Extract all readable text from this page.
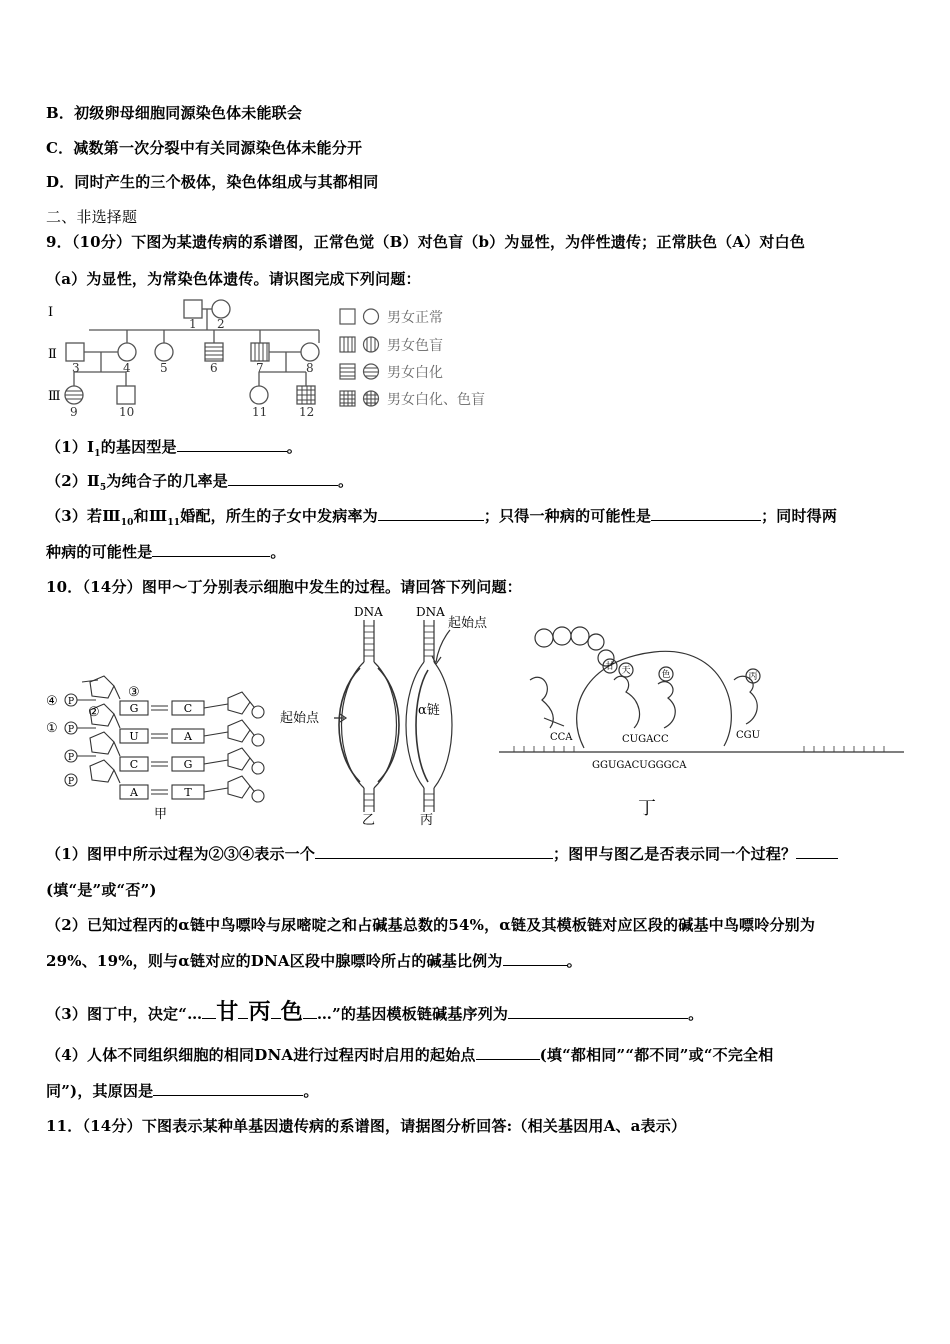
B．初级卵母细胞同源染色体未能联会
C．减数第一次分裂中有关同源染色体未能分开
D．同时产生的三个极体，染色体组成与其都相同
二、非选择题
9．（10分）下图为某遗传病的系谱图，正常色觉（B）对色盲（b）为显性，为伴性遗传；正常肤色（A）对白色
（a）为显性，为常染色体遗传。请识图完成下列问题：
Ⅰ
Ⅱ
Ⅲ
1 2
3	4 5	6	7	8
9	10	11	12
男女正常
男女色盲
男女白化
男女白化、色盲
$(1)Ⅰ_1$的基因型是	。
$(2)Ⅱ_5$为纯合子的几率是	。
（3）若$Ⅲ_{10}$和$Ⅲ_{11}$婚配，所生的子女中发病率为	；只得一种病的可能性是	；同时得两
种病的可能性是	。
10．（14分）图甲～丁分别表示细胞中发生的过程。请回答下列问题：
G
U
C
A
C
A
G
T
P
P
P
P
④
①
②
③
甲
DNA
起始点
乙
DNA
起始点
α链
丙
甘 天	色	丙
CCA	CUGACC	CGU
GGUGACUGGGCA
丁
（1）图甲中所示过程为②③④表示一个	；图甲与图乙是否表示同一个过程？
(填“是”或“否”)
（2）已知过程丙的α链中鸟嘌呤与尿嘧啶之和占碱基总数的54%，α链及其模板链对应区段的碱基中鸟嘌呤分别为
29%、19%，则与α链对应的DNA区段中腺嘌呤所占的碱基比例为	。
（3）图丁中，决定“… 甘 丙 色 …”的基因模板链碱基序列为	。
（4）人体不同组织细胞的相同DNA进行过程丙时启用的起始点	(填“都相同”“都不同”或“不完全相
同”)，其原因是	。
11．（14分）下图表示某种单基因遗传病的系谱图，请据图分析回答:（相关基因用A、a表示）
